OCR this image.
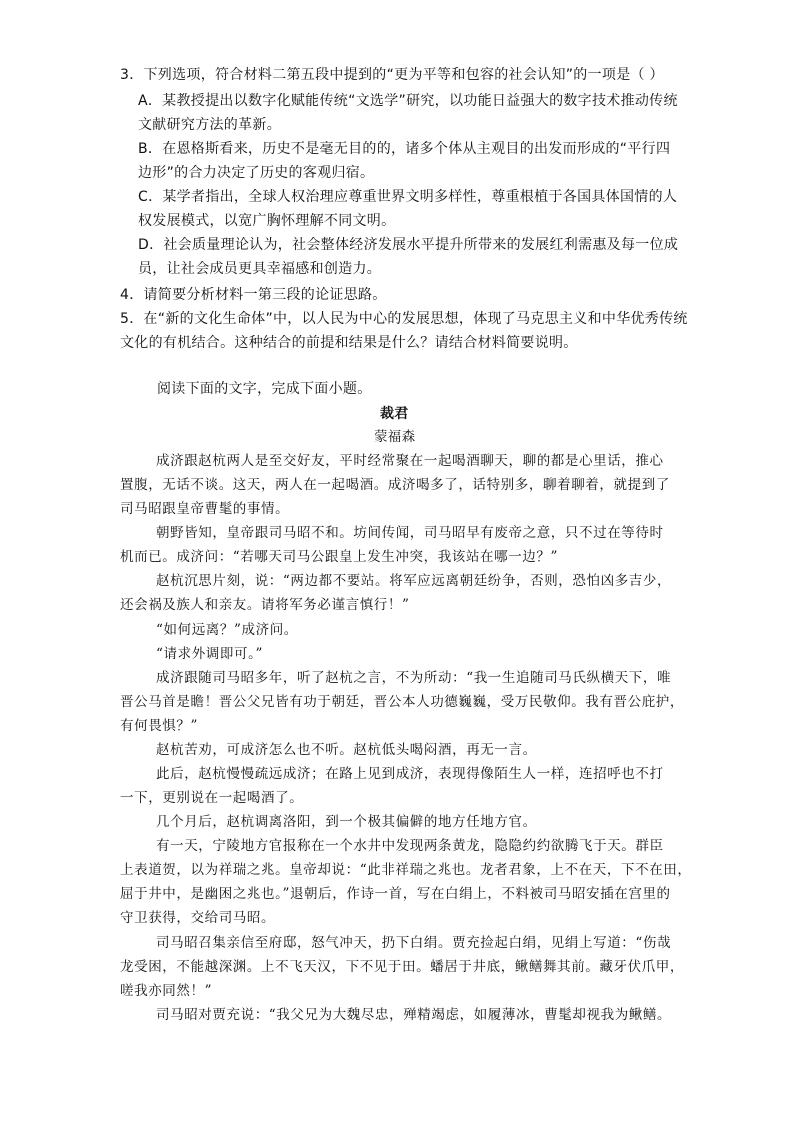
3．下列选项，符合材料二第五段中提到的“更为平等和包容的社会认知”的一项是（ ）
A．某教授提出以数字化赋能传统“文选学”研究，以功能日益强大的数字技术推动传统
文献研究方法的革新。
B．在恩格斯看来，历史不是毫无目的的，诸多个体从主观目的出发而形成的“平行四
边形”的合力决定了历史的客观归宿。
C．某学者指出，全球人权治理应尊重世界文明多样性，尊重根植于各国具体国情的人
权发展模式，以宽广胸怀理解不同文明。
D．社会质量理论认为，社会整体经济发展水平提升所带来的发展红利需惠及每一位成
员，让社会成员更具幸福感和创造力。
4．请简要分析材料一第三段的论证思路。
5．在“新的文化生命体”中，以人民为中心的发展思想，体现了马克思主义和中华优秀传统
文化的有机结合。这种结合的前提和结果是什么？请结合材料简要说明。
阅读下面的文字，完成下面小题。
裁君
蒙福森
成济跟赵杭两人是至交好友，平时经常聚在一起喝酒聊天，聊的都是心里话，推心
置腹，无话不谈。这天，两人在一起喝酒。成济喝多了，话特别多，聊着聊着，就提到了
司马昭跟皇帝曹髦的事情。
朝野皆知，皇帝跟司马昭不和。坊间传闻，司马昭早有废帝之意，只不过在等待时
机而已。成济问：“若哪天司马公跟皇上发生冲突，我该站在哪一边？”
赵杭沉思片刻，说：“两边都不要站。将军应远离朝廷纷争，否则，恐怕凶多吉少，
还会祸及族人和亲友。请将军务必谨言慎行！”
“如何远离？”成济问。
“请求外调即可。”
成济跟随司马昭多年，听了赵杭之言，不为所动：“我一生追随司马氏纵横天下，唯
晋公马首是瞻！晋公父兄皆有功于朝廷，晋公本人功德巍巍，受万民敬仰。我有晋公庇护，
有何畏惧？”
赵杭苦劝，可成济怎么也不听。赵杭低头喝闷酒，再无一言。
此后，赵杭慢慢疏远成济；在路上见到成济，表现得像陌生人一样，连招呼也不打
一下，更别说在一起喝酒了。
几个月后，赵杭调离洛阳，到一个极其偏僻的地方任地方官。
有一天，宁陵地方官报称在一个水井中发现两条黄龙，隐隐约约欲腾飞于天。群臣
上表道贺，以为祥瑞之兆。皇帝却说：“此非祥瑞之兆也。龙者君象，上不在天，下不在田，
屈于井中，是幽困之兆也。”退朝后，作诗一首，写在白绢上，不料被司马昭安插在宫里的
守卫获得，交给司马昭。
司马昭召集亲信至府邸，怒气冲天，扔下白绢。贾充捡起白绢，见绢上写道：“伤哉
龙受困，不能越深渊。上不飞天汉，下不见于田。蟠居于井底，鳅鳝舞其前。藏牙伏爪甲，
嗟我亦同然！”
司马昭对贾充说：“我父兄为大魏尽忠，殚精竭虑，如履薄冰，曹髦却视我为鳅鳝。
